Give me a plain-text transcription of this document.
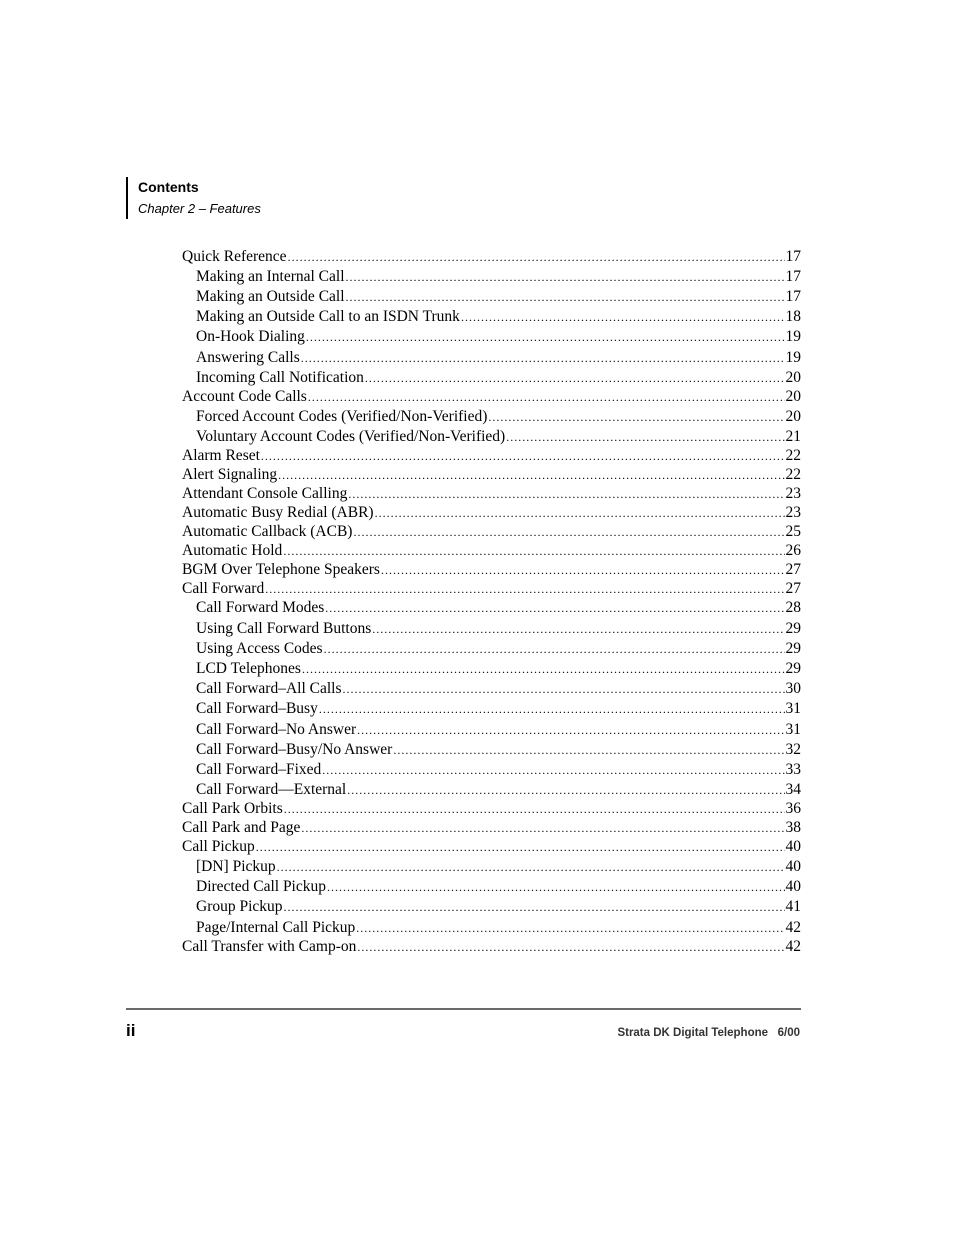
Contents
Chapter 2 – Features
Quick Reference .....	17
Making an Internal Call .....	17
Making an Outside Call .....	17
Making an Outside Call to an ISDN Trunk .....	18
On-Hook Dialing .....	19
Answering Calls .....	19
Incoming Call Notification .....	20
Account Code Calls .....	20
Forced Account Codes (Verified/Non-Verified) .....	20
Voluntary Account Codes (Verified/Non-Verified) .....	21
Alarm Reset .....	22
Alert Signaling .....	22
Attendant Console Calling .....	23
Automatic Busy Redial (ABR) .....	23
Automatic Callback (ACB) .....	25
Automatic Hold .....	26
BGM Over Telephone Speakers .....	27
Call Forward .....	27
Call Forward Modes .....	28
Using Call Forward Buttons .....	29
Using Access Codes .....	29
LCD Telephones .....	29
Call Forward–All Calls .....	30
Call Forward–Busy .....	31
Call Forward–No Answer .....	31
Call Forward–Busy/No Answer .....	32
Call Forward–Fixed .....	33
Call Forward—External .....	34
Call Park Orbits .....	36
Call Park and Page .....	38
Call Pickup .....	40
[DN] Pickup .....	40
Directed Call Pickup .....	40
Group Pickup .....	41
Page/Internal Call Pickup .....	42
Call Transfer with Camp-on .....	42
ii	Strata DK Digital Telephone   6/00
